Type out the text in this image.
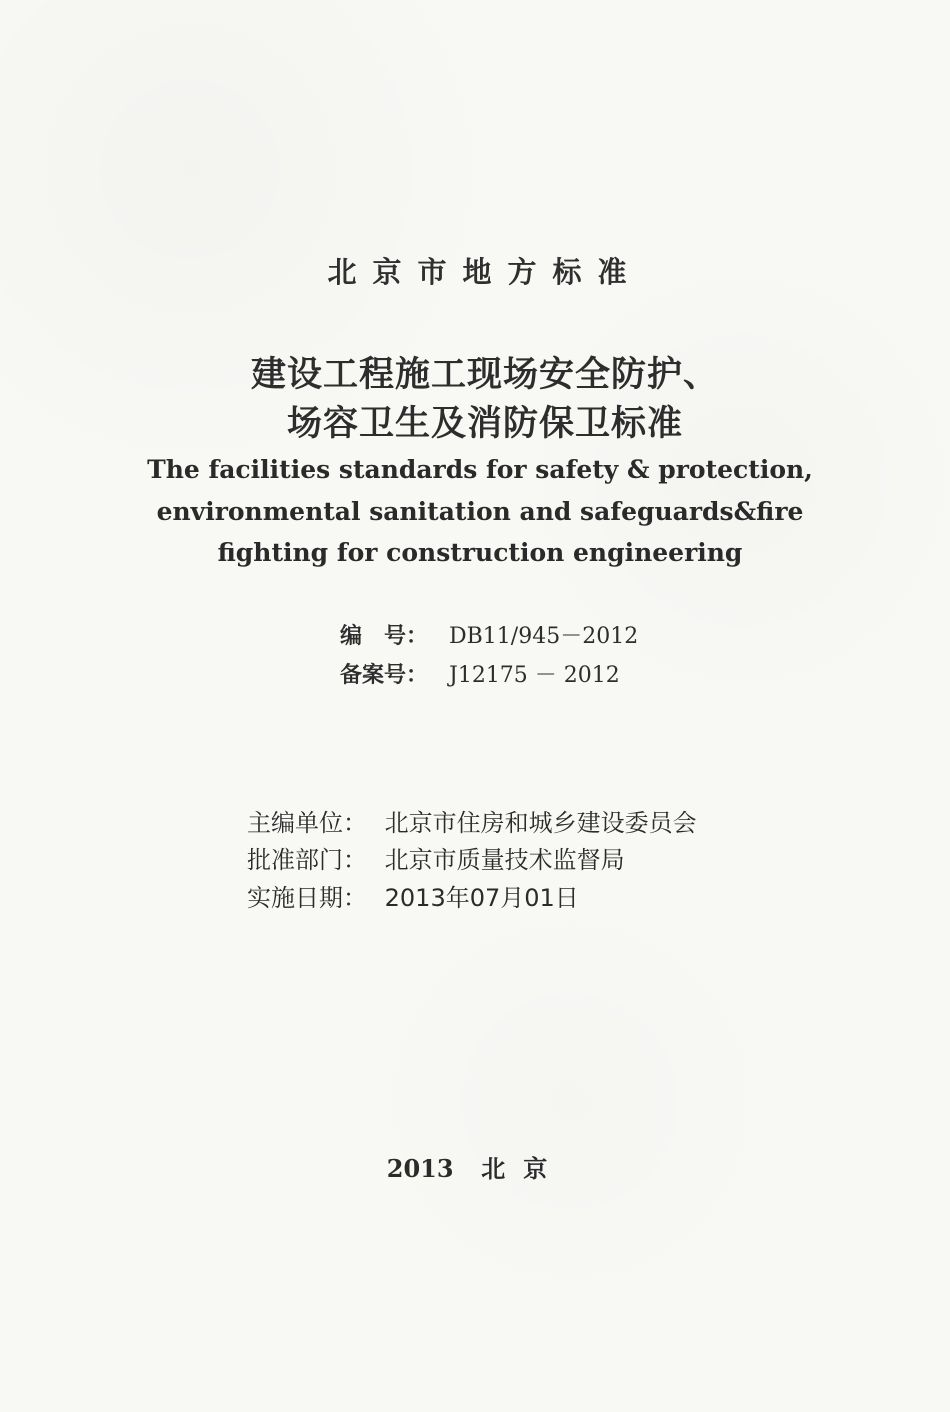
北京市地方标准
建设工程施工现场安全防护、
场容卫生及消防保卫标准
The facilities standards for safety & protection,
environmental sanitation and safeguards&fire
fighting for construction engineering
编　号： DB11/945－2012
备案号： J12175 － 2012
主编单位： 北京市住房和城乡建设委员会
批准部门： 北京市质量技术监督局
实施日期： 2013年07月01日
2013 北京
